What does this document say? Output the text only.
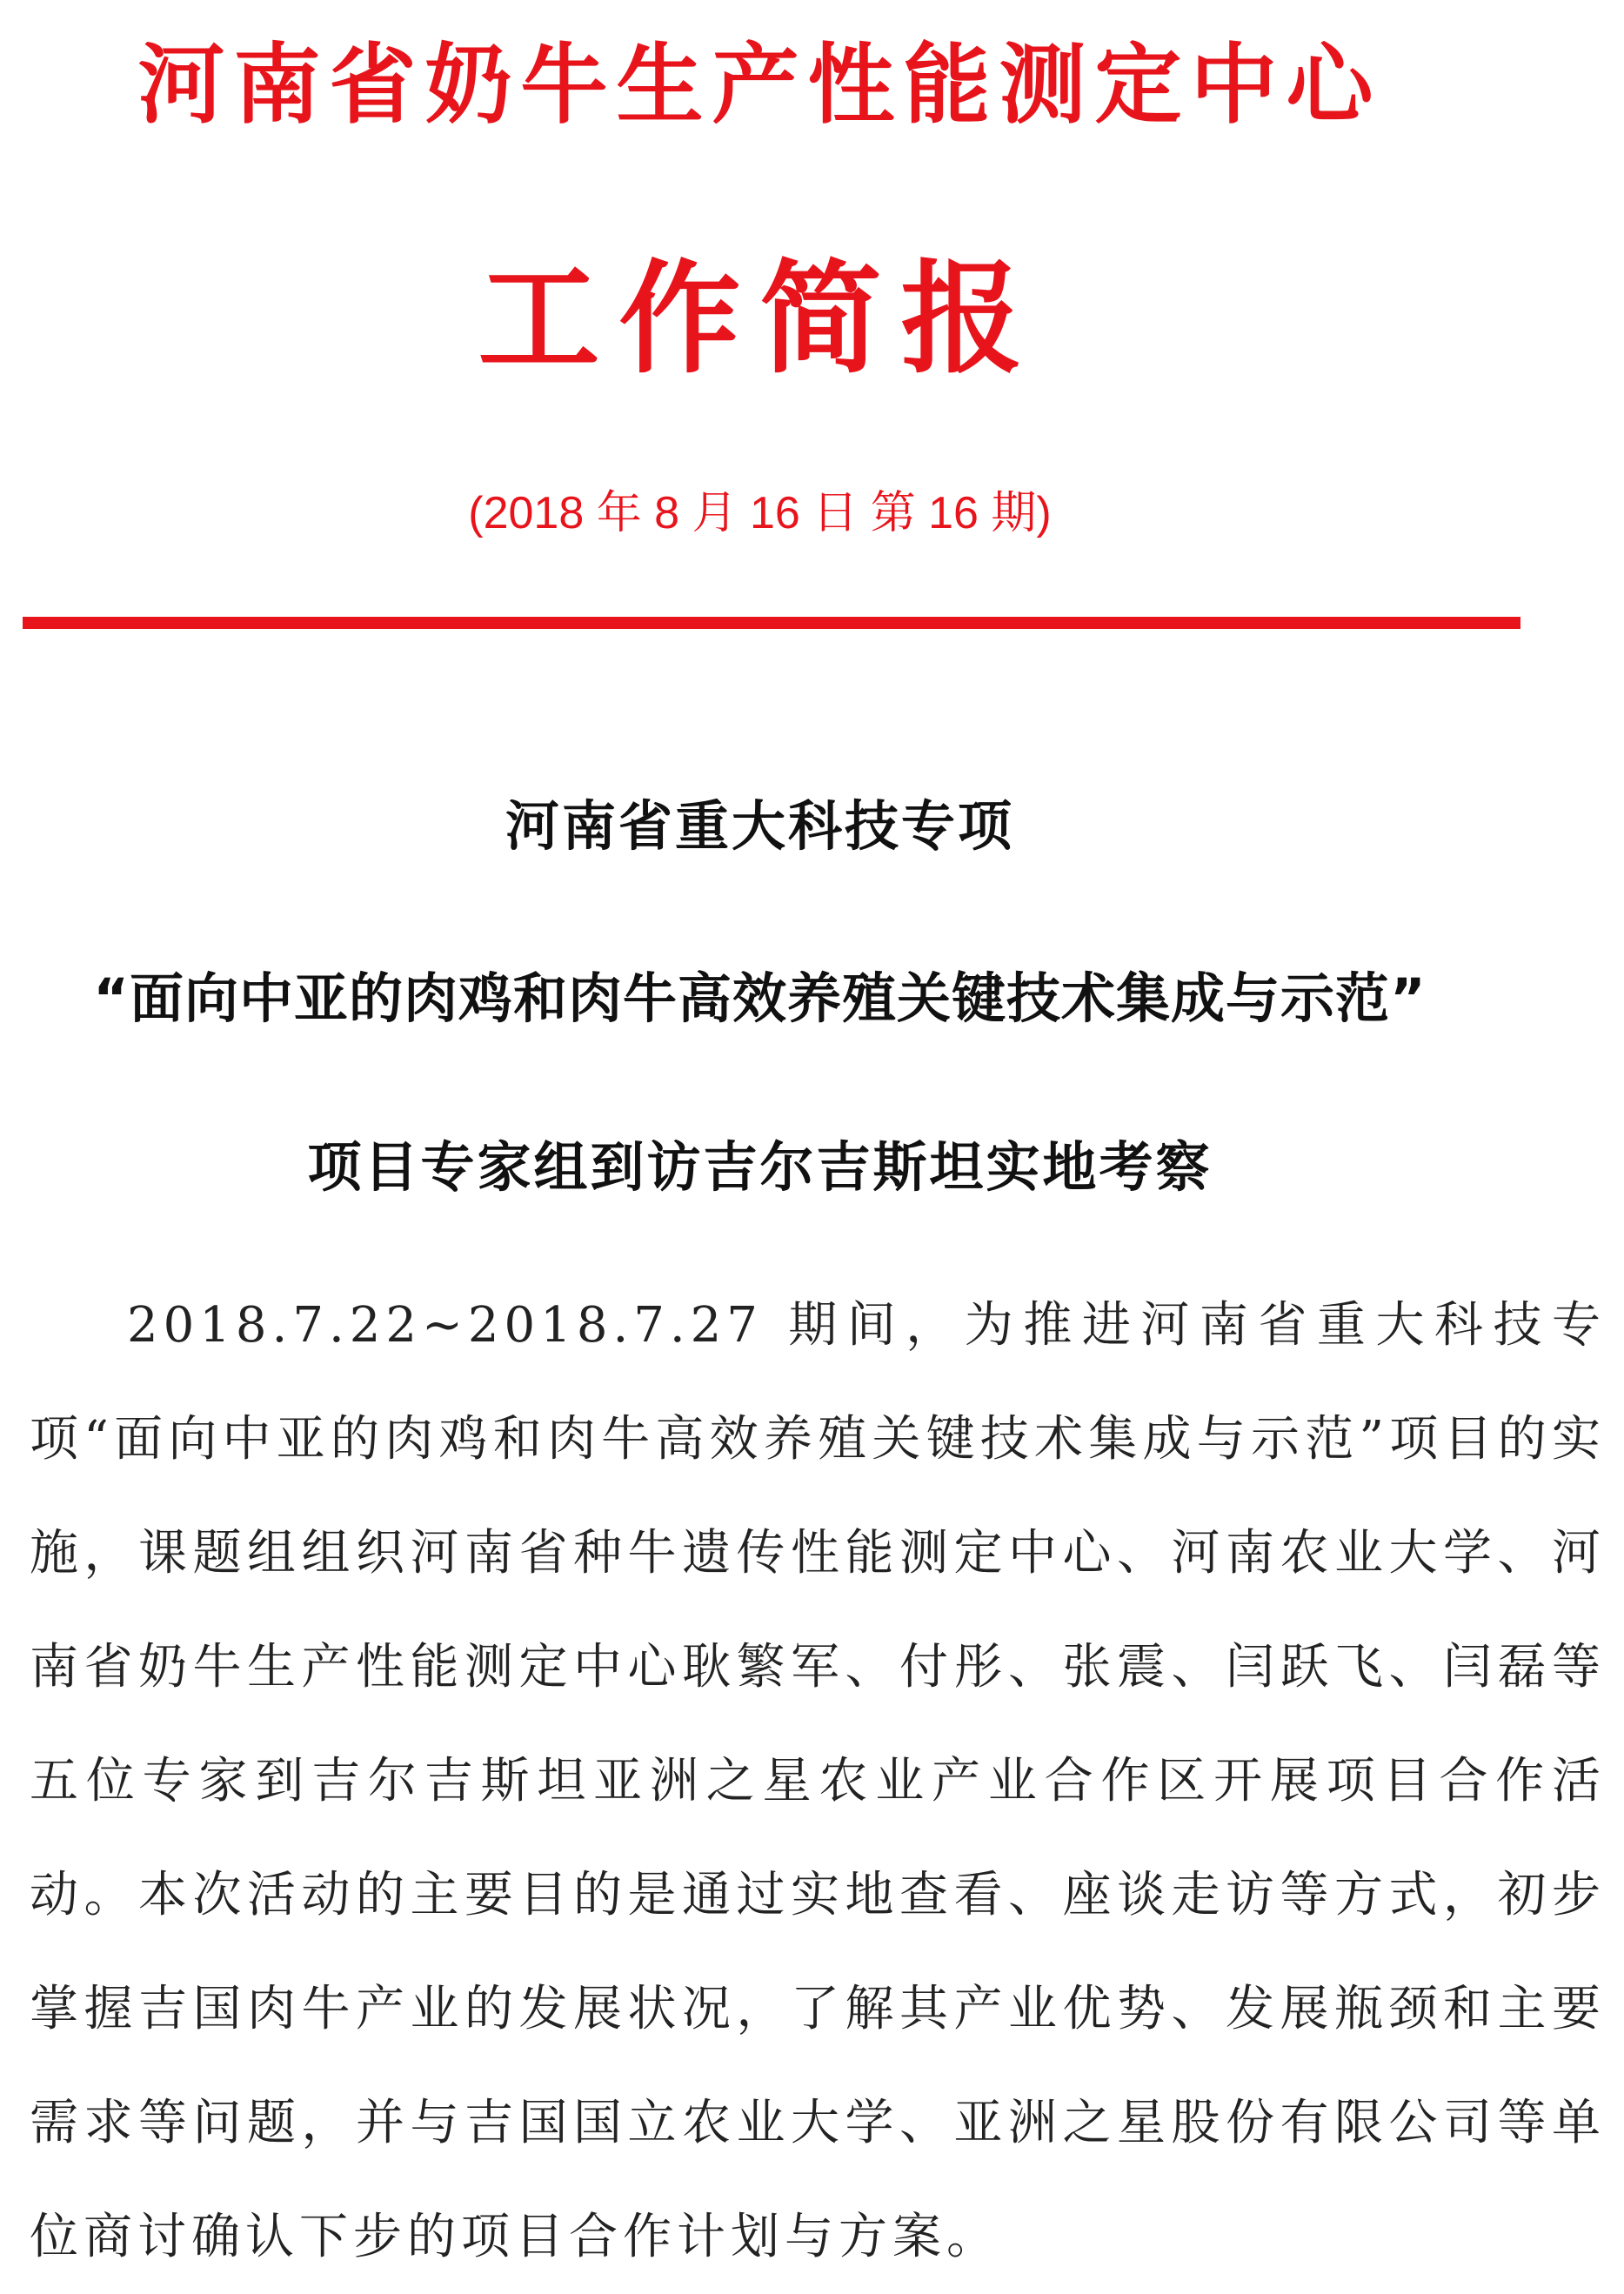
河南省奶牛生产性能测定中心
工作简报
(2018 年 8 月 16 日 第 16 期)
河南省重大科技专项
“面向中亚的肉鸡和肉牛高效养殖关键技术集成与示范”
项目专家组到访吉尔吉斯坦实地考察

2018.7.22~2018.7.27 期间，为推进河南省重大科技专项“面向中亚的肉鸡和肉牛高效养殖关键技术集成与示范”项目的实施，课题组组织河南省种牛遗传性能测定中心、河南农业大学、河南省奶牛生产性能测定中心耿繁军、付彤、张震、闫跃飞、闫磊等五位专家到吉尔吉斯坦亚洲之星农业产业合作区开展项目合作活动。本次活动的主要目的是通过实地查看、座谈走访等方式，初步掌握吉国肉牛产业的发展状况，了解其产业优势、发展瓶颈和主要需求等问题，并与吉国国立农业大学、亚洲之星股份有限公司等单位商讨确认下步的项目合作计划与方案。
